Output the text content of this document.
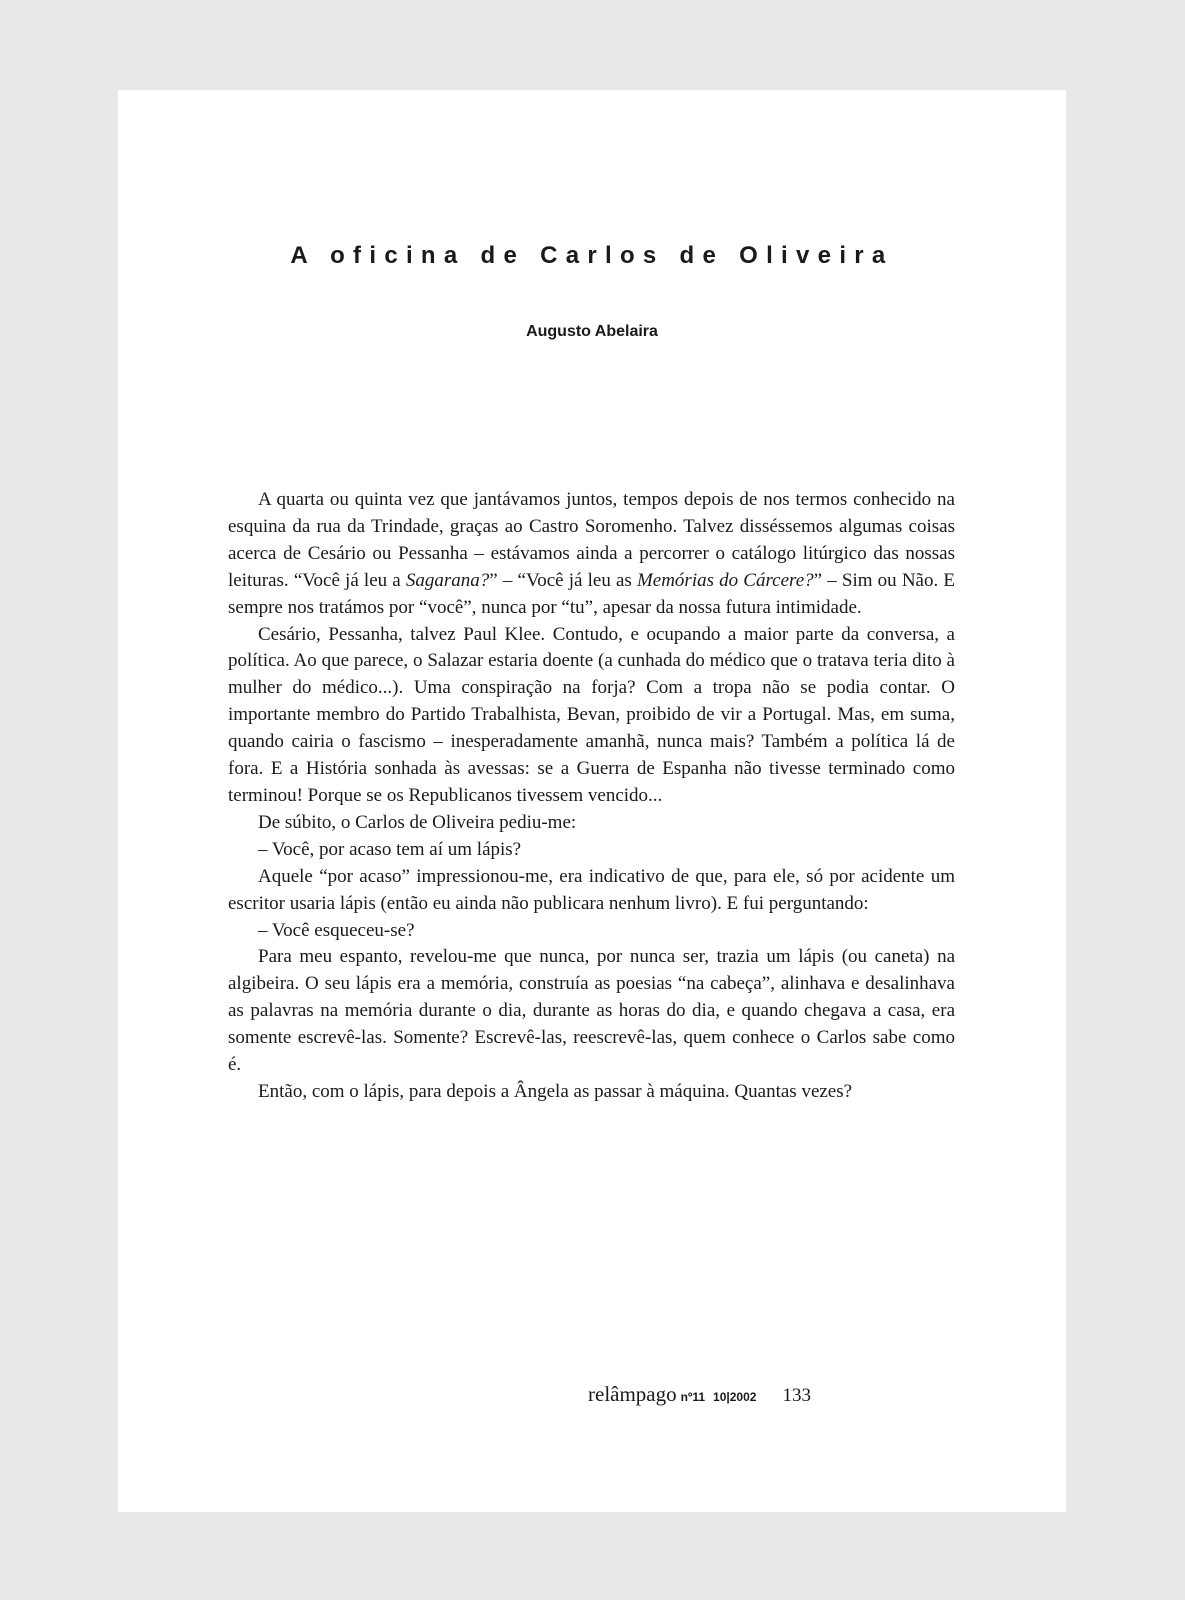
A oficina de Carlos de Oliveira
Augusto Abelaira

A quarta ou quinta vez que jantávamos juntos, tempos depois de nos termos conhecido na esquina da rua da Trindade, graças ao Castro Soromenho. Talvez disséssemos algumas coisas acerca de Cesário ou Pessanha – estávamos ainda a percorrer o catálogo litúrgico das nossas leituras. “Você já leu a Sagarana?” – “Você já leu as Memórias do Cárcere?” – Sim ou Não. E sempre nos tratámos por “você”, nunca por “tu”, apesar da nossa futura intimidade.

Cesário, Pessanha, talvez Paul Klee. Contudo, e ocupando a maior parte da conversa, a política. Ao que parece, o Salazar estaria doente (a cunhada do médico que o tratava teria dito à mulher do médico...). Uma conspiração na forja? Com a tropa não se podia contar. O importante membro do Partido Trabalhista, Bevan, proibido de vir a Portugal. Mas, em suma, quando cairia o fascismo – inesperadamente amanhã, nunca mais? Também a política lá de fora. E a História sonhada às avessas: se a Guerra de Espanha não tivesse terminado como terminou! Porque se os Republicanos tivessem vencido...

De súbito, o Carlos de Oliveira pediu-me:

– Você, por acaso tem aí um lápis?

Aquele “por acaso” impressionou-me, era indicativo de que, para ele, só por acidente um escritor usaria lápis (então eu ainda não publicara nenhum livro). E fui perguntando:

– Você esqueceu-se?

Para meu espanto, revelou-me que nunca, por nunca ser, trazia um lápis (ou caneta) na algibeira. O seu lápis era a memória, construía as poesias “na cabeça”, alinhava e desalinhava as palavras na memória durante o dia, durante as horas do dia, e quando chegava a casa, era somente escrevê-las. Somente? Escrevê-las, reescrevê-las, quem conhece o Carlos sabe como é.

Então, com o lápis, para depois a Ângela as passar à máquina. Quantas vezes?

relâmpago nº11 10|2002 133
